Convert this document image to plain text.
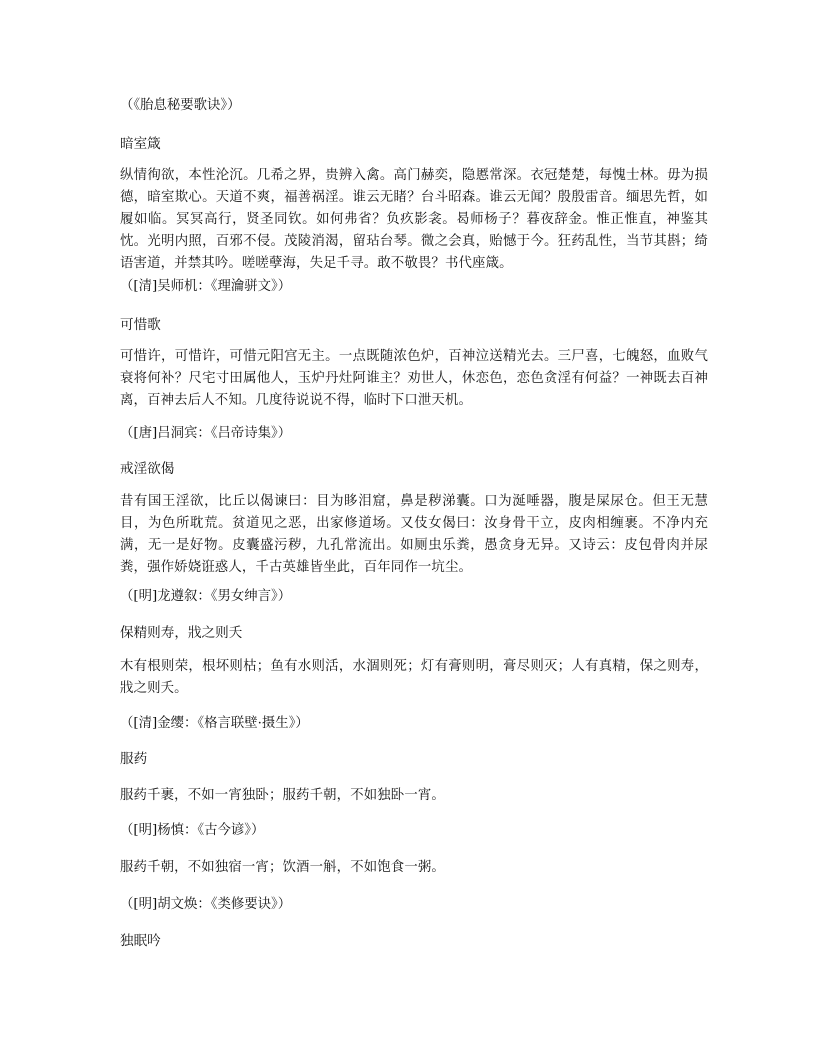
（《胎息秘要歌诀》）

暗室箴

纵情徇欲，本性沦沉。几希之界，贵辨入禽。高门赫奕，隐慝常深。衣冠楚楚，每愧士林。毋为损德，暗室欺心。天道不爽，福善祸淫。谁云无睹？台斗昭森。谁云无闻？殷殷雷音。缅思先哲，如履如临。冥冥高行，贤圣同钦。如何弗省？负疚影衾。曷师杨子？暮夜辞金。惟正惟直，神鉴其忱。光明内照，百邪不侵。茂陵消渴，留玷台琴。微之会真，贻憾于今。狂药乱性，当节其斟；绮语害道，并禁其吟。嗟嗟孽海，失足千寻。敢不敬畏？书代座箴。

（[清]吴师机：《理瀹骈文》）

可惜歌

可惜许，可惜许，可惜元阳宫无主。一点既随浓色炉，百神泣送精光去。三尸喜，七魄怒，血败气衰将何补？尺宅寸田属他人，玉炉丹灶阿谁主？劝世人，休恋色，恋色贪淫有何益？一神既去百神离，百神去后人不知。几度待说说不得，临时下口泄天机。

（[唐]吕洞宾：《吕帝诗集》）

戒淫欲偈

昔有国王淫欲，比丘以偈谏曰：目为眵泪窟，鼻是秽涕囊。口为涎唾器，腹是屎尿仓。但王无慧目，为色所耽荒。贫道见之恶，出家修道场。又伎女偈曰：汝身骨干立，皮肉相缠裹。不净内充满，无一是好物。皮囊盛污秽，九孔常流出。如厕虫乐粪，愚贪身无异。又诗云：皮包骨肉并尿粪，强作娇娆诳惑人，千古英雄皆坐此，百年同作一坑尘。

（[明]龙遵叙：《男女绅言》）

保精则寿，戕之则夭

木有根则荣，根坏则枯；鱼有水则活，水涸则死；灯有膏则明，膏尽则灭；人有真精，保之则寿，戕之则夭。

（[清]金缨：《格言联壁·摄生》）

服药

服药千裹，不如一宵独卧；服药千朝，不如独卧一宵。

（[明]杨慎：《古今谚》）

服药千朝，不如独宿一宵；饮酒一斛，不如饱食一粥。

（[明]胡文焕：《类修要诀》）

独眠吟
